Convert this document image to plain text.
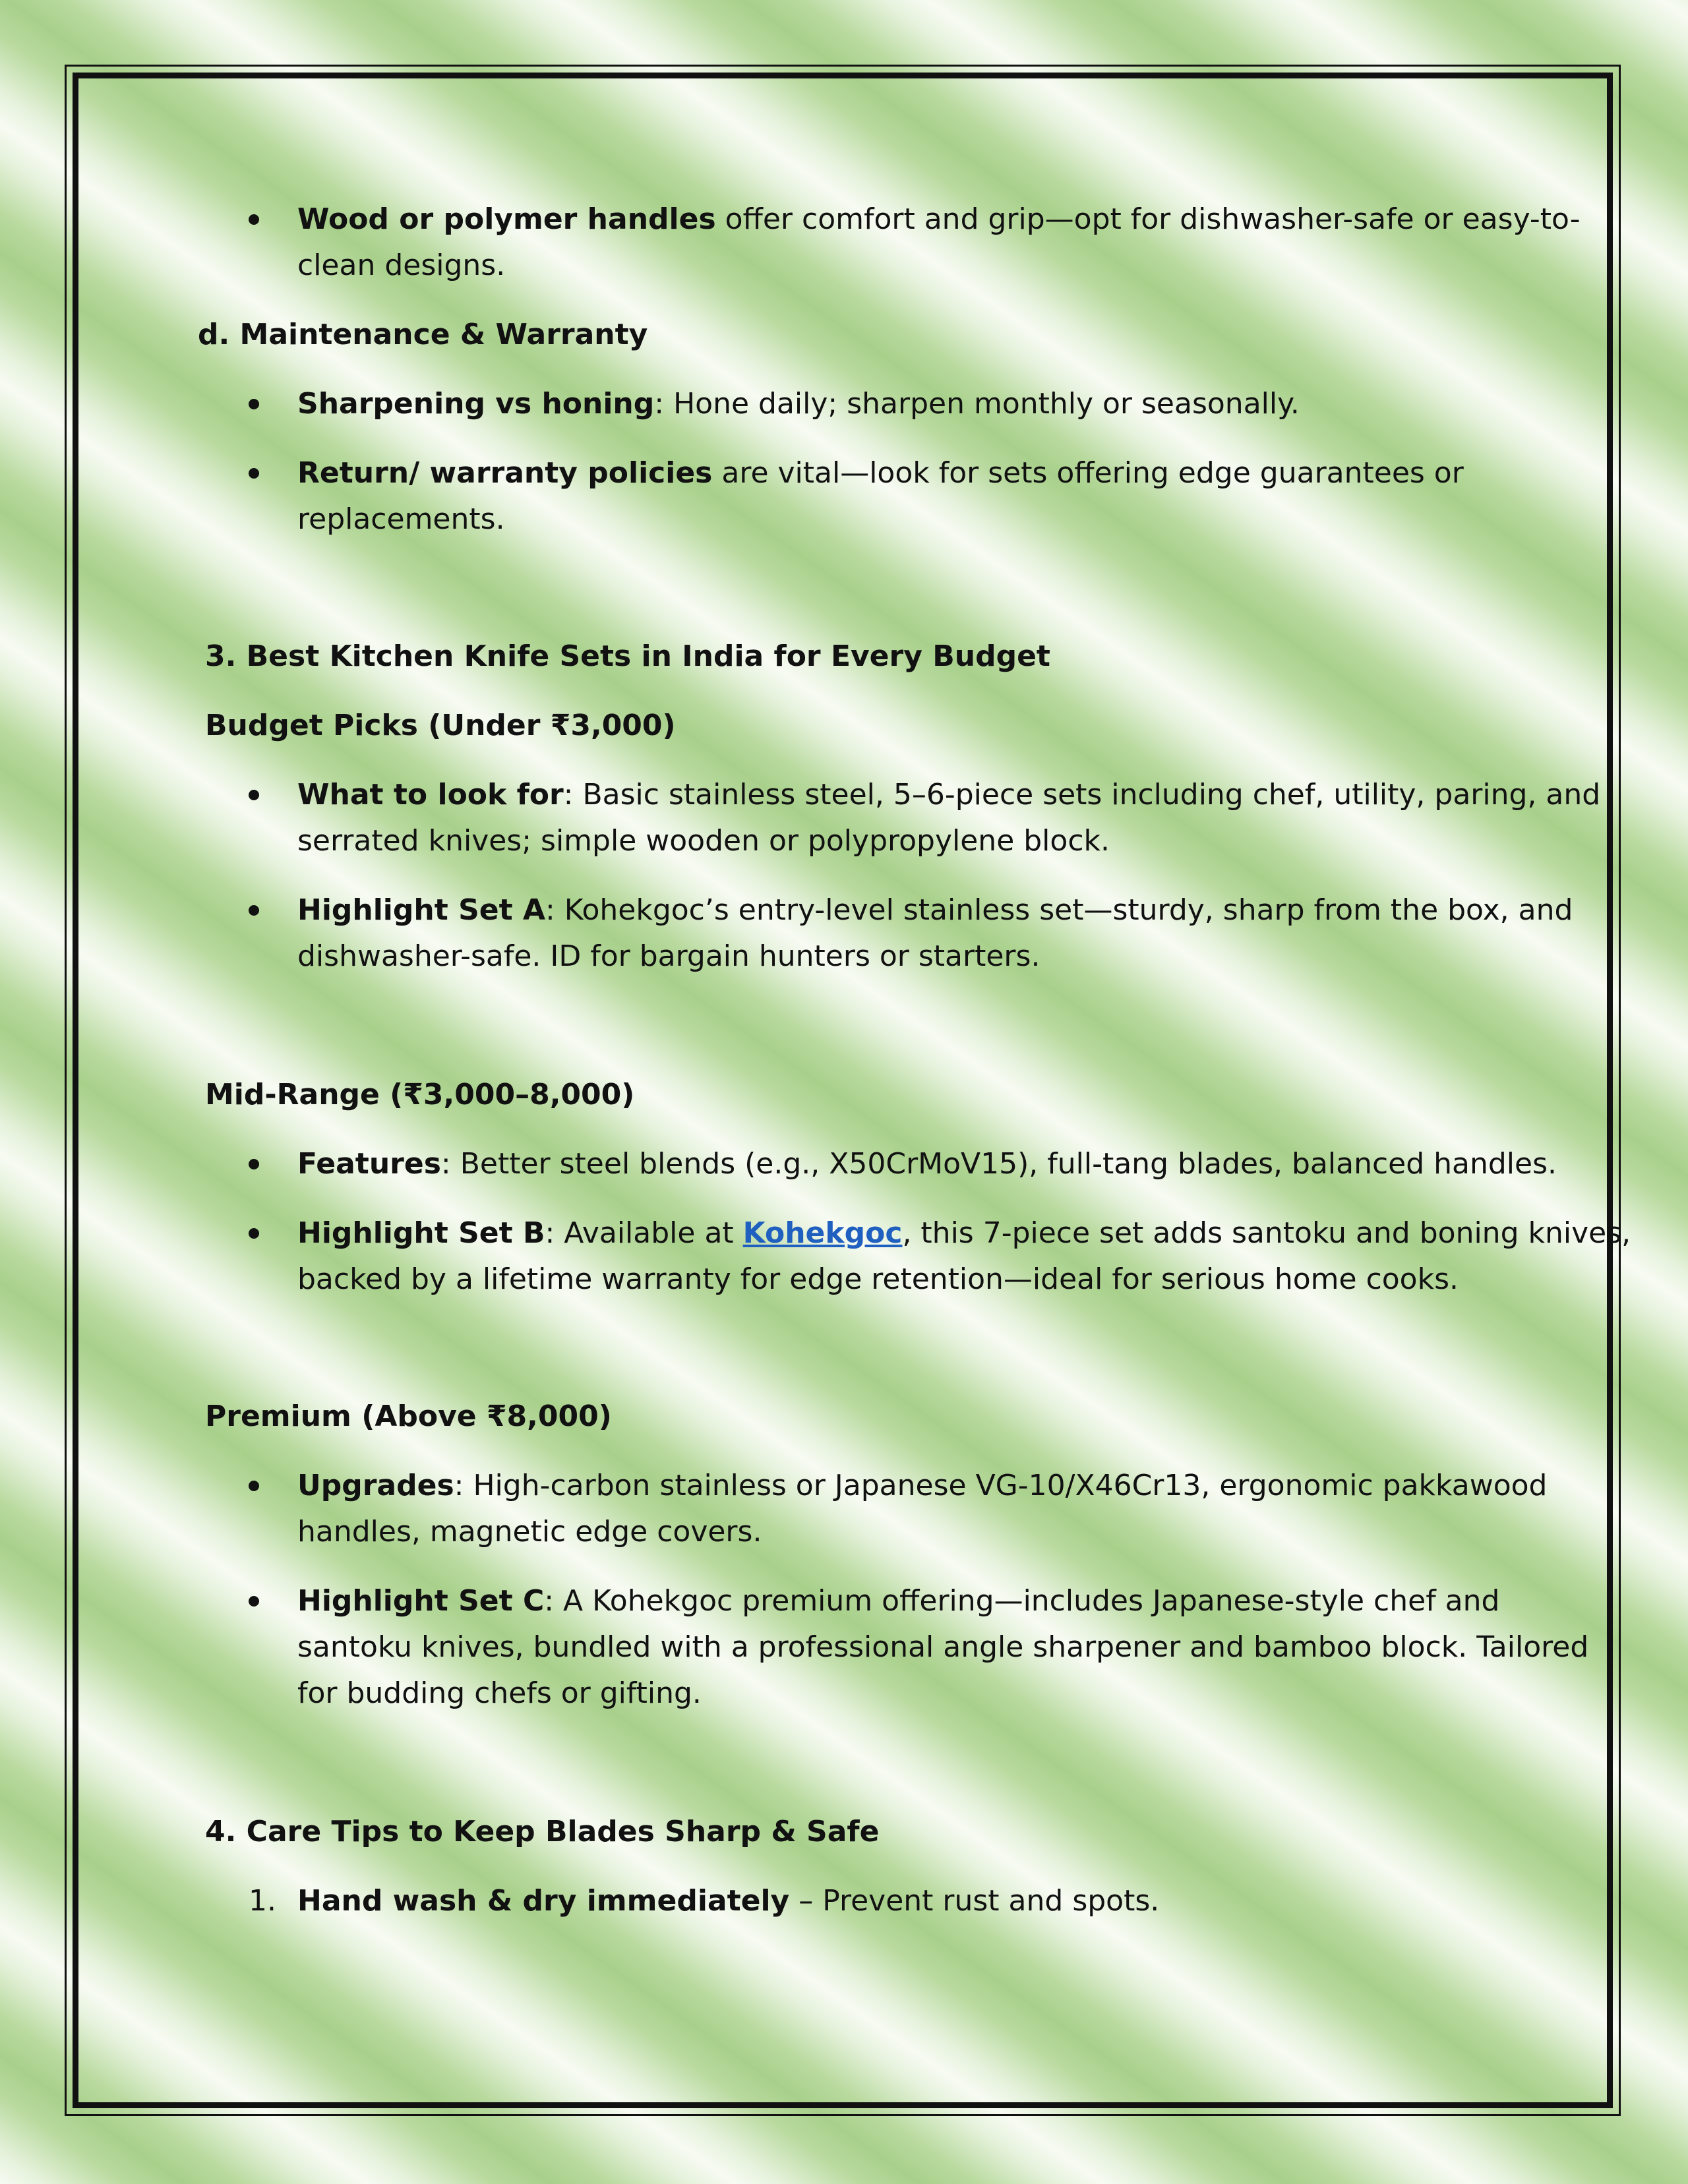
Wood or polymer handles offer comfort and grip—opt for dishwasher-safe or easy-to-
clean designs.
d. Maintenance & Warranty
Sharpening vs honing: Hone daily; sharpen monthly or seasonally.
Return/ warranty policies are vital—look for sets offering edge guarantees or
replacements.
3. Best Kitchen Knife Sets in India for Every Budget
Budget Picks (Under ₹3,000)
What to look for: Basic stainless steel, 5–6-piece sets including chef, utility, paring, and
serrated knives; simple wooden or polypropylene block.
Highlight Set A: Kohekgoc’s entry-level stainless set—sturdy, sharp from the box, and
dishwasher-safe. ID for bargain hunters or starters.
Mid-Range (₹3,000–8,000)
Features: Better steel blends (e.g., X50CrMoV15), full-tang blades, balanced handles.
Highlight Set B: Available at Kohekgoc, this 7-piece set adds santoku and boning knives,
backed by a lifetime warranty for edge retention—ideal for serious home cooks.
Premium (Above ₹8,000)
Upgrades: High-carbon stainless or Japanese VG-10/X46Cr13, ergonomic pakkawood
handles, magnetic edge covers.
Highlight Set C: A Kohekgoc premium offering—includes Japanese-style chef and
santoku knives, bundled with a professional angle sharpener and bamboo block. Tailored
for budding chefs or gifting.
4. Care Tips to Keep Blades Sharp & Safe
1. Hand wash & dry immediately – Prevent rust and spots.
